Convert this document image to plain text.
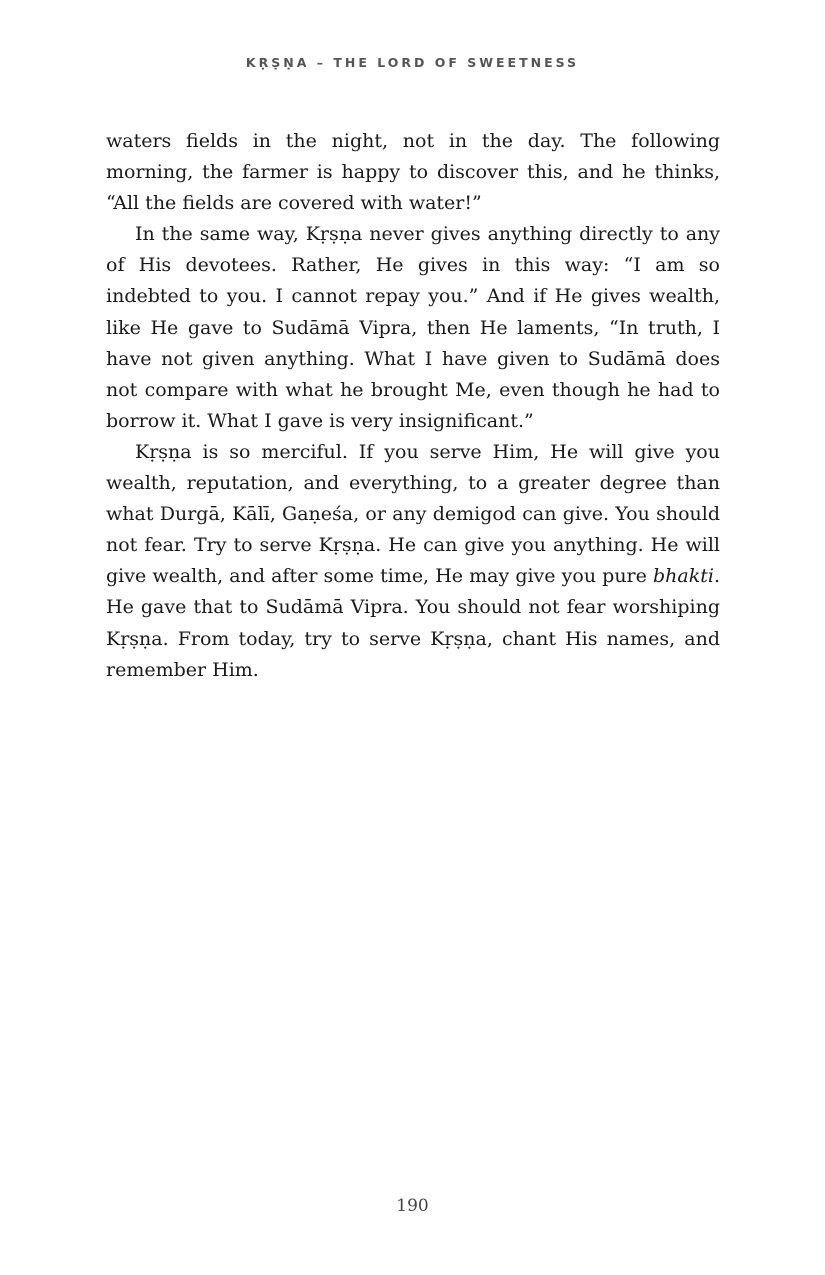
KṚṢṆA – THE LORD OF SWEETNESS

waters fields in the night, not in the day. The following morning, the farmer is happy to discover this, and he thinks, “All the fields are covered with water!”

In the same way, Kṛṣṇa never gives anything directly to any of His devotees. Rather, He gives in this way: “I am so indebted to you. I cannot repay you.” And if He gives wealth, like He gave to Sudāmā Vipra, then He laments, “In truth, I have not given anything. What I have given to Sudāmā does not compare with what he brought Me, even though he had to borrow it. What I gave is very insignificant.”

Kṛṣṇa is so merciful. If you serve Him, He will give you wealth, reputation, and everything, to a greater degree than what Durgā, Kālī, Gaṇeśa, or any demigod can give. You should not fear. Try to serve Kṛṣṇa. He can give you anything. He will give wealth, and after some time, He may give you pure bhakti. He gave that to Sudāmā Vipra. You should not fear worshiping Kṛṣṇa. From today, try to serve Kṛṣṇa, chant His names, and remember Him.

190
